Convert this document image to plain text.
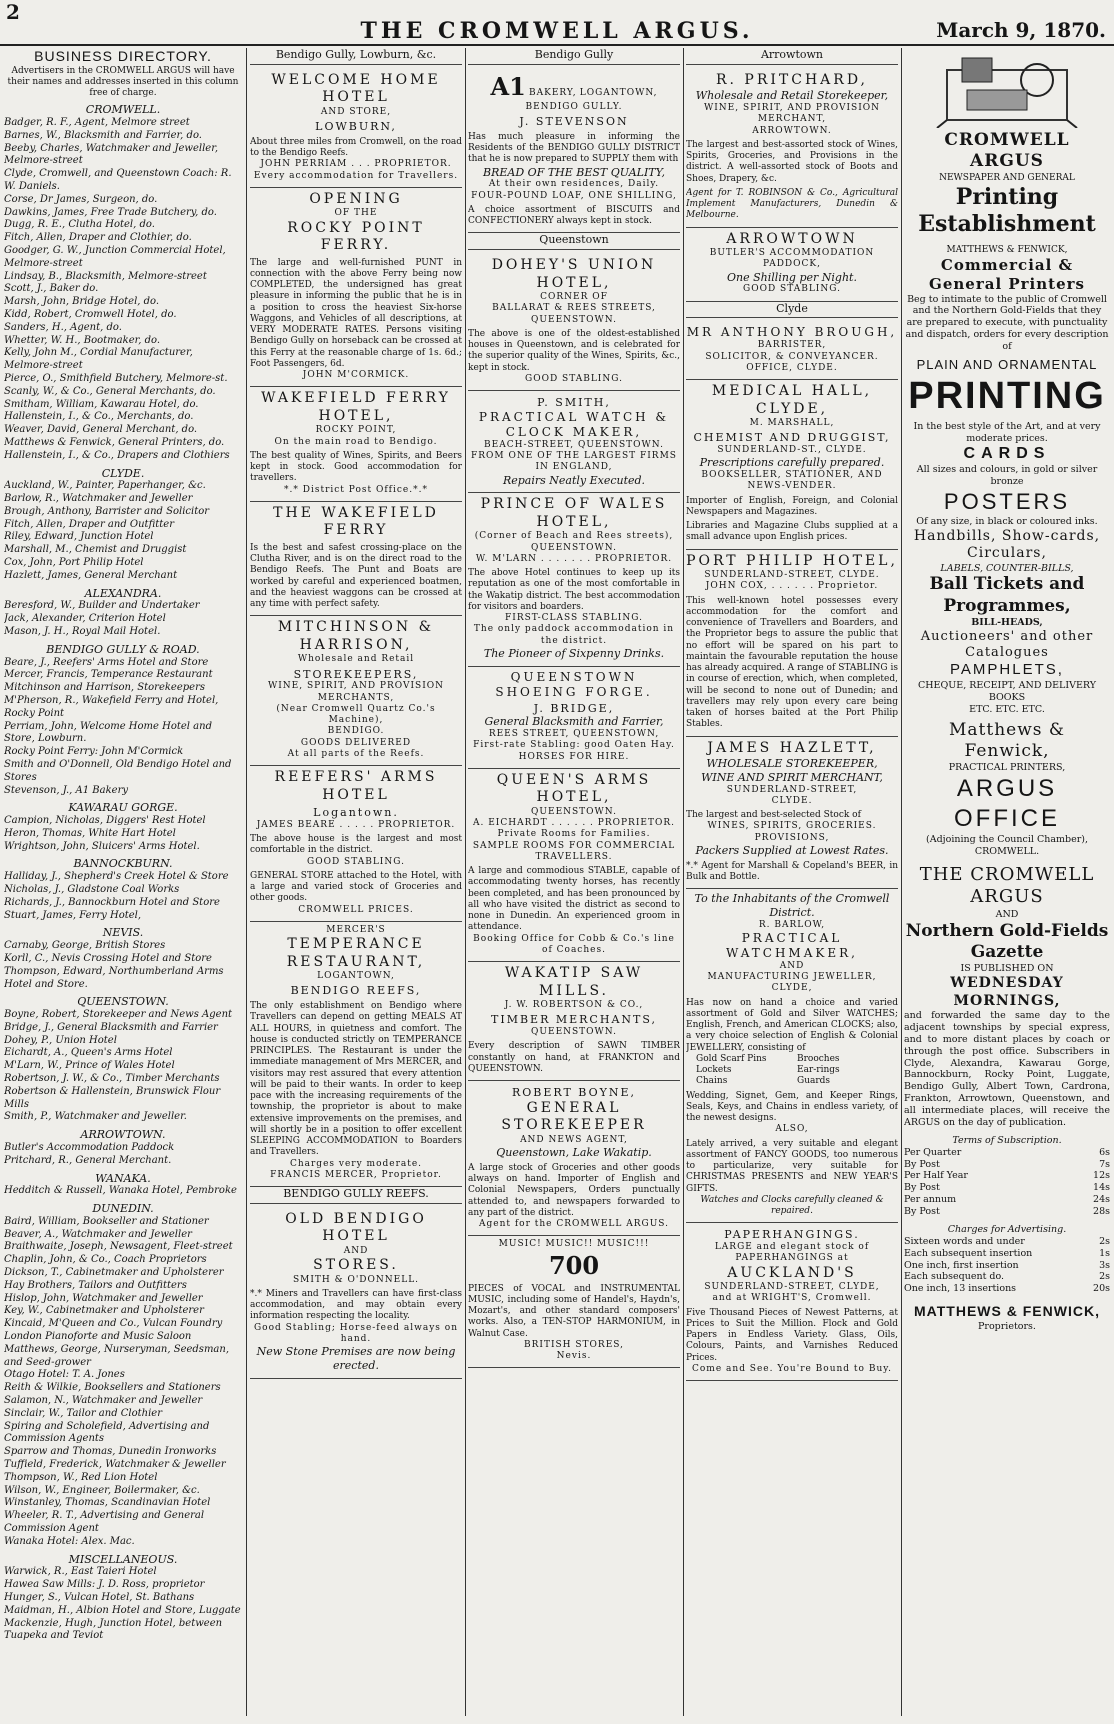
2
THE CROMWELL ARGUS.	March 9, 1870.
BUSINESS DIRECTORY.
Advertisers in the CROMWELL ARGUS will have their names and addresses inserted in this column free of charge.
CROMWELL.
Badger, R. F., Agent, Melmore street
Barnes, W., Blacksmith and Farrier, do.
Beeby, Charles, Watchmaker and Jeweller, Melmore-street
Clyde, Cromwell, and Queenstown Coach: R. W. Daniels.
Corse, Dr James, Surgeon, do.
Dawkins, James, Free Trade Butchery, do.
Dugg, R. E., Clutha Hotel, do.
Fitch, Allen, Draper and Clothier, do.
Goodger, G. W., Junction Commercial Hotel, Melmore-street
Lindsay, B., Blacksmith, Melmore-street
Scott, J., Baker do.
Marsh, John, Bridge Hotel, do.
Kidd, Robert, Cromwell Hotel, do.
Sanders, H., Agent, do.
Whetter, W. H., Bootmaker, do.
Kelly, John M., Cordial Manufacturer, Melmore-street
Pierce, O., Smithfield Butchery, Melmore-st.
Scanly, W., & Co., General Merchants, do.
Smitham, William, Kawarau Hotel, do.
Hallenstein, I., & Co., Merchants, do.
Weaver, David, General Merchant, do.
Matthews & Fenwick, General Printers, do.
Hallenstein, I., & Co., Drapers and Clothiers
CLYDE.
Auckland, W., Painter, Paperhanger, &c.
Barlow, R., Watchmaker and Jeweller
Brough, Anthony, Barrister and Solicitor
Fitch, Allen, Draper and Outfitter
Riley, Edward, Junction Hotel
Marshall, M., Chemist and Druggist
Cox, John, Port Philip Hotel
Hazlett, James, General Merchant
ALEXANDRA.
Beresford, W., Builder and Undertaker
Jack, Alexander, Criterion Hotel
Mason, J. H., Royal Mail Hotel.
BENDIGO GULLY & ROAD.
Beare, J., Reefers' Arms Hotel and Store
Mercer, Francis, Temperance Restaurant
Mitchinson and Harrison, Storekeepers
M'Pherson, R., Wakefield Ferry and Hotel, Rocky Point
Perriam, John, Welcome Home Hotel and Store, Lowburn.
Rocky Point Ferry: John M'Cormick
Smith and O'Donnell, Old Bendigo Hotel and Stores
Stevenson, J., A1 Bakery
KAWARAU GORGE.
Campion, Nicholas, Diggers' Rest Hotel
Heron, Thomas, White Hart Hotel
Wrightson, John, Sluicers' Arms Hotel.
BANNOCKBURN.
Halliday, J., Shepherd's Creek Hotel & Store
Nicholas, J., Gladstone Coal Works
Richards, J., Bannockburn Hotel and Store
Stuart, James, Ferry Hotel,
NEVIS.
Carnaby, George, British Stores
Korll, C., Nevis Crossing Hotel and Store
Thompson, Edward, Northumberland Arms Hotel and Store.
QUEENSTOWN.
Boyne, Robert, Storekeeper and News Agent
Bridge, J., General Blacksmith and Farrier
Dohey, P., Union Hotel
Eichardt, A., Queen's Arms Hotel
M'Larn, W., Prince of Wales Hotel
Robertson, J. W., & Co., Timber Merchants
Robertson & Hallenstein, Brunswick Flour Mills
Smith, P., Watchmaker and Jeweller.
ARROWTOWN.
Butler's Accommodation Paddock
Pritchard, R., General Merchant.
WANAKA.
Hedditch & Russell, Wanaka Hotel, Pembroke
DUNEDIN.
Baird, William, Bookseller and Stationer
Beaver, A., Watchmaker and Jeweller
Braithwaite, Joseph, Newsagent, Fleet-street
Chaplin, John, & Co., Coach Proprietors
Dickson, T., Cabinetmaker and Upholsterer
Hay Brothers, Tailors and Outfitters
Hislop, John, Watchmaker and Jeweller
Key, W., Cabinetmaker and Upholsterer
Kincaid, M'Queen and Co., Vulcan Foundry
London Pianoforte and Music Saloon
Matthews, George, Nurseryman, Seedsman, and Seed-grower
Otago Hotel: T. A. Jones
Reith & Wilkie, Booksellers and Stationers
Salamon, N., Watchmaker and Jeweller
Sinclair, W., Tailor and Clothier
Spiring and Scholefield, Advertising and Commission Agents
Sparrow and Thomas, Dunedin Ironworks
Tuffield, Frederick, Watchmaker & Jeweller
Thompson, W., Red Lion Hotel
Wilson, W., Engineer, Boilermaker, &c.
Winstanley, Thomas, Scandinavian Hotel
Wheeler, R. T., Advertising and General Commission Agent
Wanaka Hotel: Alex. Mac.
MISCELLANEOUS.
Warwick, R., East Taieri Hotel
Hawea Saw Mills: J. D. Ross, proprietor
Hunger, S., Vulcan Hotel, St. Bathans
Maidman, H., Albion Hotel and Store, Luggate
Mackenzie, Hugh, Junction Hotel, between Tuapeka and Teviot
Bendigo Gully, Lowburn, &c.
WELCOME HOME HOTEL
AND STORE,
LOWBURN,
About three miles from Cromwell, on the road to the Bendigo Reefs.
JOHN PERRIAM . . . PROPRIETOR.
Every accommodation for Travellers.
OPENING
OF THE
ROCKY POINT FERRY.
The large and well-furnished PUNT in connection with the above Ferry being now COMPLETED, the undersigned has great pleasure in informing the public that he is in a position to cross the heaviest Six-horse Waggons, and Vehicles of all descriptions, at VERY MODERATE RATES. Persons visiting Bendigo Gully on horseback can be crossed at this Ferry at the reasonable charge of 1s. 6d.; Foot Passengers, 6d.
JOHN M'CORMICK.
WAKEFIELD FERRY HOTEL,
ROCKY POINT,
On the main road to Bendigo.
The best quality of Wines, Spirits, and Beers kept in stock. Good accommodation for travellers.
*.* District Post Office.*.*
THE WAKEFIELD FERRY
Is the best and safest crossing-place on the Clutha River, and is on the direct road to the Bendigo Reefs. The Punt and Boats are worked by careful and experienced boatmen, and the heaviest waggons can be crossed at any time with perfect safety.
MITCHINSON & HARRISON,
Wholesale and Retail
STOREKEEPERS,
WINE, SPIRIT, AND PROVISION MERCHANTS,
(Near Cromwell Quartz Co.'s Machine),
BENDIGO.
GOODS DELIVERED
At all parts of the Reefs.
REEFERS' ARMS HOTEL
Logantown.
JAMES BEARE . . . . . PROPRIETOR.
The above house is the largest and most comfortable in the district.
GOOD STABLING.
GENERAL STORE attached to the Hotel, with a large and varied stock of Groceries and other goods.
CROMWELL PRICES.
MERCER'S
TEMPERANCE RESTAURANT,
LOGANTOWN,
BENDIGO REEFS,
The only establishment on Bendigo where Travellers can depend on getting MEALS AT ALL HOURS, in quietness and comfort. The house is conducted strictly on TEMPERANCE PRINCIPLES. The Restaurant is under the immediate management of Mrs MERCER, and visitors may rest assured that every attention will be paid to their wants. In order to keep pace with the increasing requirements of the township, the proprietor is about to make extensive improvements on the premises, and will shortly be in a position to offer excellent SLEEPING ACCOMMODATION to Boarders and Travellers.
Charges very moderate.
FRANCIS MERCER, Proprietor.
BENDIGO GULLY REEFS.
OLD BENDIGO HOTEL
AND
STORES.
SMITH & O'DONNELL.
*.* Miners and Travellers can have first-class accommodation, and may obtain every information respecting the locality.
Good Stabling; Horse-feed always on hand.
New Stone Premises are now being erected.
Bendigo Gully
A1 BAKERY, LOGANTOWN,
BENDIGO GULLY.
J. STEVENSON
Has much pleasure in informing the Residents of the BENDIGO GULLY DISTRICT that he is now prepared to SUPPLY them with
BREAD OF THE BEST QUALITY,
At their own residences, Daily.
FOUR-POUND LOAF, ONE SHILLING,
A choice assortment of BISCUITS and CONFECTIONERY always kept in stock.
Queenstown
DOHEY'S UNION HOTEL,
CORNER OF
BALLARAT & REES STREETS,
QUEENSTOWN.
The above is one of the oldest-established houses in Queenstown, and is celebrated for the superior quality of the Wines, Spirits, &c., kept in stock.
GOOD STABLING.
P. SMITH,
PRACTICAL WATCH & CLOCK MAKER,
BEACH-STREET, QUEENSTOWN.
FROM ONE OF THE LARGEST FIRMS IN ENGLAND,
Repairs Neatly Executed.
PRINCE OF WALES HOTEL,
(Corner of Beach and Rees streets),
QUEENSTOWN.
W. M'LARN . . . . . . . PROPRIETOR.
The above Hotel continues to keep up its reputation as one of the most comfortable in the Wakatip district. The best accommodation for visitors and boarders.
FIRST-CLASS STABLING.
The only paddock accommodation in the district.
The Pioneer of Sixpenny Drinks.
QUEENSTOWN SHOEING FORGE.
J. BRIDGE,
General Blacksmith and Farrier,
REES STREET, QUEENSTOWN,
First-rate Stabling: good Oaten Hay.
HORSES FOR HIRE.
QUEEN'S ARMS HOTEL,
QUEENSTOWN.
A. EICHARDT . . . . . . PROPRIETOR.
Private Rooms for Families.
SAMPLE ROOMS FOR COMMERCIAL TRAVELLERS.
A large and commodious STABLE, capable of accommodating twenty horses, has recently been completed, and has been pronounced by all who have visited the district as second to none in Dunedin. An experienced groom in attendance.
Booking Office for Cobb & Co.'s line of Coaches.
WAKATIP SAW MILLS.
J. W. ROBERTSON & CO.,
TIMBER MERCHANTS,
QUEENSTOWN.
Every description of SAWN TIMBER constantly on hand, at FRANKTON and QUEENSTOWN.
ROBERT BOYNE,
GENERAL STOREKEEPER
AND NEWS AGENT,
Queenstown, Lake Wakatip.
A large stock of Groceries and other goods always on hand. Importer of English and Colonial Newspapers, Orders punctually attended to, and newspapers forwarded to any part of the district.
Agent for the CROMWELL ARGUS.
MUSIC! MUSIC!! MUSIC!!!
700
PIECES of VOCAL and INSTRUMENTAL MUSIC, including some of Handel's, Haydn's, Mozart's, and other standard composers' works. Also, a TEN-STOP HARMONIUM, in Walnut Case.
BRITISH STORES,
Nevis.
Arrowtown
R. PRITCHARD,
Wholesale and Retail Storekeeper,
WINE, SPIRIT, AND PROVISION MERCHANT,
ARROWTOWN.
The largest and best-assorted stock of Wines, Spirits, Groceries, and Provisions in the district. A well-assorted stock of Boots and Shoes, Drapery, &c.
Agent for T. ROBINSON & Co., Agricultural Implement Manufacturers, Dunedin & Melbourne.
ARROWTOWN
BUTLER'S ACCOMMODATION PADDOCK,
One Shilling per Night.
GOOD STABLING.
Clyde
MR ANTHONY BROUGH,
BARRISTER,
SOLICITOR, & CONVEYANCER.
OFFICE, CLYDE.
MEDICAL HALL, CLYDE,
M. MARSHALL,
CHEMIST AND DRUGGIST,
SUNDERLAND-ST., CLYDE.
Prescriptions carefully prepared.
BOOKSELLER, STATIONER, AND NEWS-VENDER.
Importer of English, Foreign, and Colonial Newspapers and Magazines.
Libraries and Magazine Clubs supplied at a small advance upon English prices.
PORT PHILIP HOTEL,
SUNDERLAND-STREET, CLYDE.
JOHN COX, . . . . . . Proprietor.
This well-known hotel possesses every accommodation for the comfort and convenience of Travellers and Boarders, and the Proprietor begs to assure the public that no effort will be spared on his part to maintain the favourable reputation the house has already acquired. A range of STABLING is in course of erection, which, when completed, will be second to none out of Dunedin; and travellers may rely upon every care being taken of horses baited at the Port Philip Stables.
JAMES HAZLETT,
WHOLESALE STOREKEEPER,
WINE AND SPIRIT MERCHANT,
SUNDERLAND-STREET,
CLYDE.
The largest and best-selected Stock of
WINES, SPIRITS, GROCERIES. PROVISIONS,
Packers Supplied at Lowest Rates.
*.* Agent for Marshall & Copeland's BEER, in Bulk and Bottle.
To the Inhabitants of the Cromwell District.
R. BARLOW,
PRACTICAL WATCHMAKER,
AND
MANUFACTURING JEWELLER,
CLYDE,
Has now on hand a choice and varied assortment of Gold and Silver WATCHES; English, French, and American CLOCKS; also, a very choice selection of English & Colonial JEWELLERY, consisting of
Gold Scarf Pins	Brooches
Lockets	Ear-rings
Chains	Guards
Wedding, Signet, Gem, and Keeper Rings, Seals, Keys, and Chains in endless variety, of the newest designs.
ALSO,
Lately arrived, a very suitable and elegant assortment of FANCY GOODS, too numerous to particularize, very suitable for CHRISTMAS PRESENTS and NEW YEAR'S GIFTS.
Watches and Clocks carefully cleaned & repaired.
PAPERHANGINGS.
LARGE and elegant stock of PAPERHANGINGS at
AUCKLAND'S
SUNDERLAND-STREET, CLYDE,
and at WRIGHT'S, Cromwell.
Five Thousand Pieces of Newest Patterns, at Prices to Suit the Million. Flock and Gold Papers in Endless Variety. Glass, Oils, Colours, Paints, and Varnishes Reduced Prices.
Come and See. You're Bound to Buy.
CROMWELL ARGUS
NEWSPAPER AND GENERAL
Printing Establishment
MATTHEWS & FENWICK,
Commercial & General Printers
Beg to intimate to the public of Cromwell and the Northern Gold-Fields that they are prepared to execute, with punctuality and dispatch, orders for every description of
PLAIN AND ORNAMENTAL
PRINTING
In the best style of the Art, and at very moderate prices.
CARDS
All sizes and colours, in gold or silver bronze
POSTERS
Of any size, in black or coloured inks.
Handbills, Show-cards, Circulars,
LABELS, COUNTER-BILLS,
Ball Tickets and Programmes,
BILL-HEADS,
Auctioneers' and other Catalogues
PAMPHLETS,
CHEQUE, RECEIPT, AND DELIVERY BOOKS
ETC. ETC. ETC.
Matthews & Fenwick,
PRACTICAL PRINTERS,
ARGUS OFFICE
(Adjoining the Council Chamber),
CROMWELL.
THE CROMWELL ARGUS
AND
Northern Gold-Fields Gazette
IS PUBLISHED ON
WEDNESDAY MORNINGS,
and forwarded the same day to the adjacent townships by special express, and to more distant places by coach or through the post office. Subscribers in Clyde, Alexandra, Kawarau Gorge, Bannockburn, Rocky Point, Luggate, Bendigo Gully, Albert Town, Cardrona, Frankton, Arrowtown, Queenstown, and all intermediate places, will receive the ARGUS on the day of publication.
Terms of Subscription.
Per Quarter	6s
By Post	7s
Per Half Year	12s
By Post	14s
Per annum	24s
By Post	28s
Charges for Advertising.
Sixteen words and under	2s
Each subsequent insertion	1s
One inch, first insertion	3s
Each subsequent do.	2s
One inch, 13 insertions	20s
MATTHEWS & FENWICK,
Proprietors.
